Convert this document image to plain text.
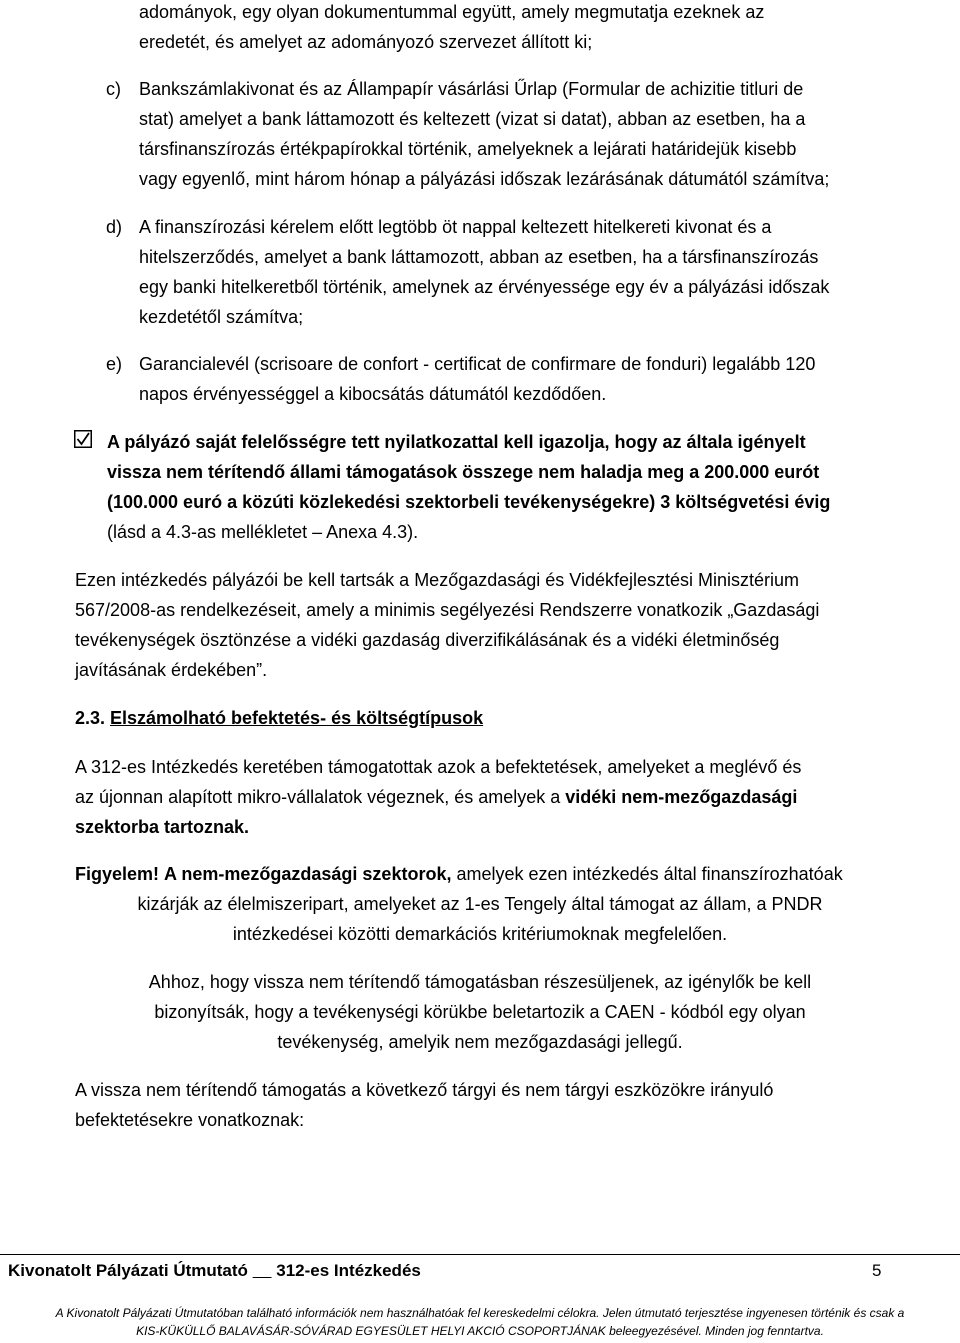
adományok, egy olyan dokumentummal együtt, amely megmutatja ezeknek az
eredetét, és amelyet az adományozó szervezet állított ki;
c) Bankszámlakivonat és az Állampapír vásárlási Űrlap (Formular de achizitie titluri de
stat) amelyet a bank láttamozott és keltezett (vizat si datat), abban az esetben, ha a
társfinanszírozás értékpapírokkal történik, amelyeknek a lejárati határidejük kisebb
vagy egyenlő, mint három hónap a pályázási időszak lezárásának dátumától számítva;
d) A finanszírozási kérelem előtt legtöbb öt nappal keltezett hitelkereti kivonat és a
hitelszerződés, amelyet a bank láttamozott, abban az esetben, ha a társfinanszírozás
egy banki hitelkeretből történik, amelynek az érvényessége egy év a pályázási időszak
kezdetétől számítva;
e) Garancialevél (scrisoare de confort - certificat de confirmare de fonduri) legalább 120
napos érvényességgel a kibocsátás dátumától kezdődően.
A pályázó saját felelősségre tett nyilatkozattal kell igazolja, hogy az általa igényelt
vissza nem térítendő állami támogatások összege nem haladja meg a 200.000 eurót
(100.000 euró a közúti közlekedési szektorbeli tevékenységekre) 3 költségvetési évig
(lásd a 4.3-as mellékletet – Anexa 4.3).
Ezen intézkedés pályázói be kell tartsák a Mezőgazdasági és Vidékfejlesztési Minisztérium
567/2008-as rendelkezéseit, amely a minimis segélyezési Rendszerre vonatkozik „Gazdasági
tevékenységek ösztönzése a vidéki gazdaság diverzifikálásának és a vidéki életminőség
javításának érdekében”.
2.3. Elszámolható befektetés- és költségtípusok
A 312-es Intézkedés keretében támogatottak azok a befektetések, amelyeket a meglévő és
az újonnan alapított mikro-vállalatok végeznek, és amelyek a vidéki nem-mezőgazdasági
szektorba tartoznak.
Figyelem! A nem-mezőgazdasági szektorok, amelyek ezen intézkedés által finanszírozhatóak
kizárják az élelmiszeripart, amelyeket az 1-es Tengely által támogat az állam, a PNDR
intézkedései közötti demarkációs kritériumoknak megfelelően.
Ahhoz, hogy vissza nem térítendő támogatásban részesüljenek, az igénylők be kell
bizonyítsák, hogy a tevékenységi körükbe beletartozik a CAEN - kódból egy olyan
tevékenység, amelyik nem mezőgazdasági jellegű.
A vissza nem térítendő támogatás a következő tárgyi és nem tárgyi eszközökre irányuló
befektetésekre vonatkoznak:
Kivonatolt Pályázati Útmutató      312-es Intézkedés	5
A Kivonatolt Pályázati Útmutatóban található információk nem használhatóak fel kereskedelmi célokra. Jelen útmutató terjesztése ingyenesen történik és csak a
KIS-KÜKÜLLŐ BALAVÁSÁR-SÓVÁRAD EGYESÜLET HELYI AKCIÓ CSOPORTJÁNAK beleegyezésével. Minden jog fenntartva.
